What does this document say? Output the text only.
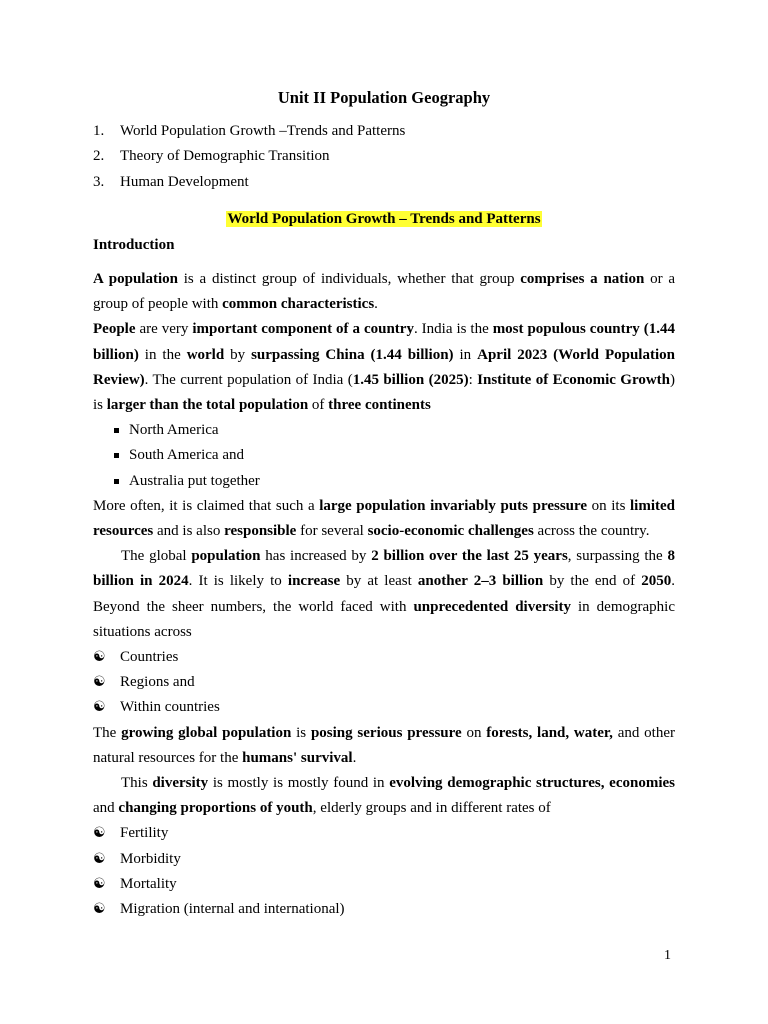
Unit II Population Geography
1. World Population Growth –Trends and Patterns
2. Theory of Demographic Transition
3. Human Development
World Population Growth – Trends and Patterns
Introduction

A population is a distinct group of individuals, whether that group comprises a nation or a group of people with common characteristics.

People are very important component of a country. India is the most populous country (1.44 billion) in the world by surpassing China (1.44 billion) in April 2023 (World Population Review). The current population of India (1.45 billion (2025): Institute of Economic Growth) is larger than the total population of three continents

North America
South America and
Australia put together

More often, it is claimed that such a large population invariably puts pressure on its limited resources and is also responsible for several socio-economic challenges across the country.

The global population has increased by 2 billion over the last 25 years, surpassing the 8 billion in 2024. It is likely to increase by at least another 2–3 billion by the end of 2050. Beyond the sheer numbers, the world faced with unprecedented diversity in demographic situations across

☯ Countries
☯ Regions and
☯ Within countries

The growing global population is posing serious pressure on forests, land, water, and other natural resources for the humans' survival.

This diversity is mostly is mostly found in evolving demographic structures, economies and changing proportions of youth, elderly groups and in different rates of

☯ Fertility
☯ Morbidity
☯ Mortality
☯ Migration (internal and international)
1
